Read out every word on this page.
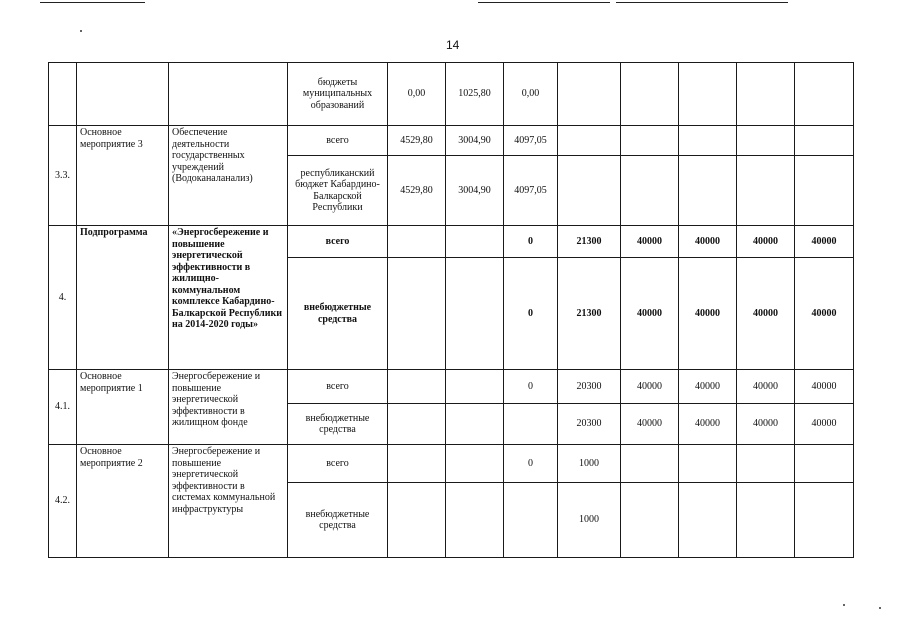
14
			бюджеты муниципальных образований	0,00	1025,80	0,00					
3.3.	Основное мероприятие 3	Обеспечение деятельности государственных учреждений (Водоканаланализ)	всего	4529,80	3004,90	4097,05					
			республиканский бюджет Кабардино-Балкарской Республики	4529,80	3004,90	4097,05					
4.	Подпрограмма	«Энергосбережение и повышение энергетической эффективности в жилищно-коммунальном комплексе Кабардино-Балкарской Республики на 2014-2020 годы»	всего			0	21300	40000	40000	40000	40000
			внебюджетные средства			0	21300	40000	40000	40000	40000
4.1.	Основное мероприятие 1	Энергосбережение и повышение энергетической эффективности в жилищном фонде	всего			0	20300	40000	40000	40000	40000
			внебюджетные средства				20300	40000	40000	40000	40000
4.2.	Основное мероприятие 2	Энергосбережение и повышение энергетической эффективности в системах коммунальной инфраструктуры	всего			0	1000				
			внебюджетные средства				1000				
